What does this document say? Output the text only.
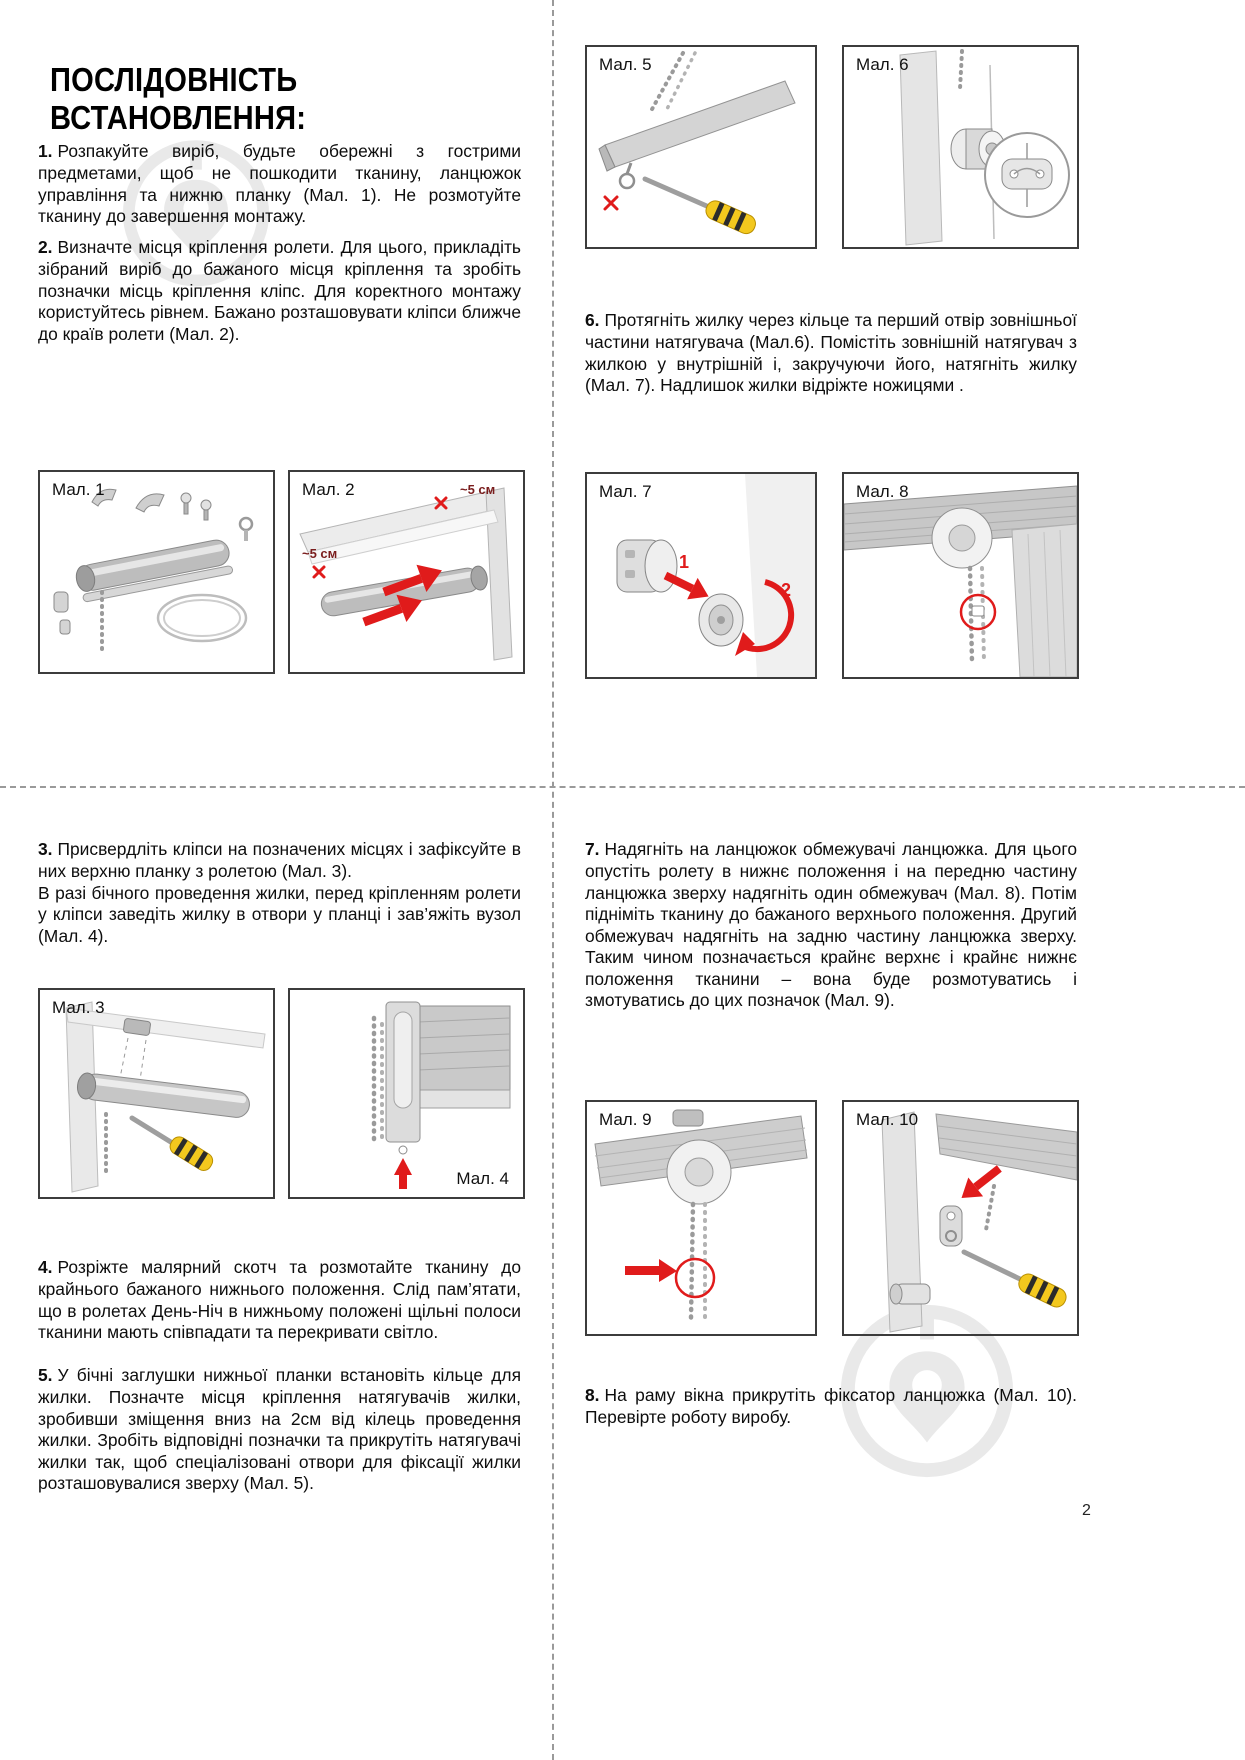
ПОСЛІДОВНІСТЬ ВСТАНОВЛЕННЯ:

1. Розпакуйте виріб, будьте обережні з гострими предметами, щоб не пошкодити тканину, ланцюжок управління та нижню планку (Мал. 1). Не розмотуйте тканину до завершення монтажу.

2. Визначте місця кріплення ролети. Для цього, прикладіть зібраний виріб до бажаного місця кріплення та зробіть позначки місць кріплення кліпс. Для коректного монтажу користуйтесь рівнем. Бажано розташовувати кліпси ближче до країв ролети (Мал. 2).

3. Присвердліть кліпси на позначених місцях і зафіксуйте в них верхню планку з ролетою (Мал. 3).
В разі бічного проведення жилки, перед кріпленням ролети у кліпси заведіть жилку в отвори у планці і зав’яжіть вузол (Мал. 4).

4. Розріжте малярний скотч та розмотайте тканину до крайнього бажаного нижнього положення. Слід пам’ятати, що в ролетах День-Ніч в нижньому положені щільні полоси тканини мають співпадати та перекривати світло.

5. У бічні заглушки нижньої планки встановіть кільце для жилки. Позначте місця кріплення натягувачів жилки, зробивши зміщення вниз на 2см від кілець проведення жилки. Зробіть відповідні позначки та прикрутіть натягувачі жилки так, щоб спеціалізовані отвори для фіксації жилки розташовувалися зверху (Мал. 5).

6. Протягніть жилку через кільце та перший отвір зовнішньої частини натягувача (Мал.6). Помістіть зовнішній натягувач з жилкою у внутрішній і, закручуючи його, натягніть жилку (Мал. 7). Надлишок жилки відріжте ножицями .

7. Надягніть на ланцюжок обмежувачі ланцюжка. Для цього опустіть ролету в нижнє положення і на передню частину ланцюжка зверху надягніть один обмежувач (Мал. 8). Потім підніміть тканину до бажаного верхнього положення. Другий обмежувач надягніть на задню частину ланцюжка зверху. Таким чином позначається крайнє верхнє і крайнє нижнє положення тканини – вона буде розмотуватись і змотуватись до цих позначок (Мал. 9).

8. На раму вікна прикрутіть фіксатор ланцюжка (Мал. 10). Перевірте роботу виробу.

Мал. 1	Мал. 2	~5 см
~5 см
Мал. 3
Мал. 4
Мал. 5	Мал. 6
Мал. 7
1
2
Мал. 8
Мал. 9	Мал. 10
2
